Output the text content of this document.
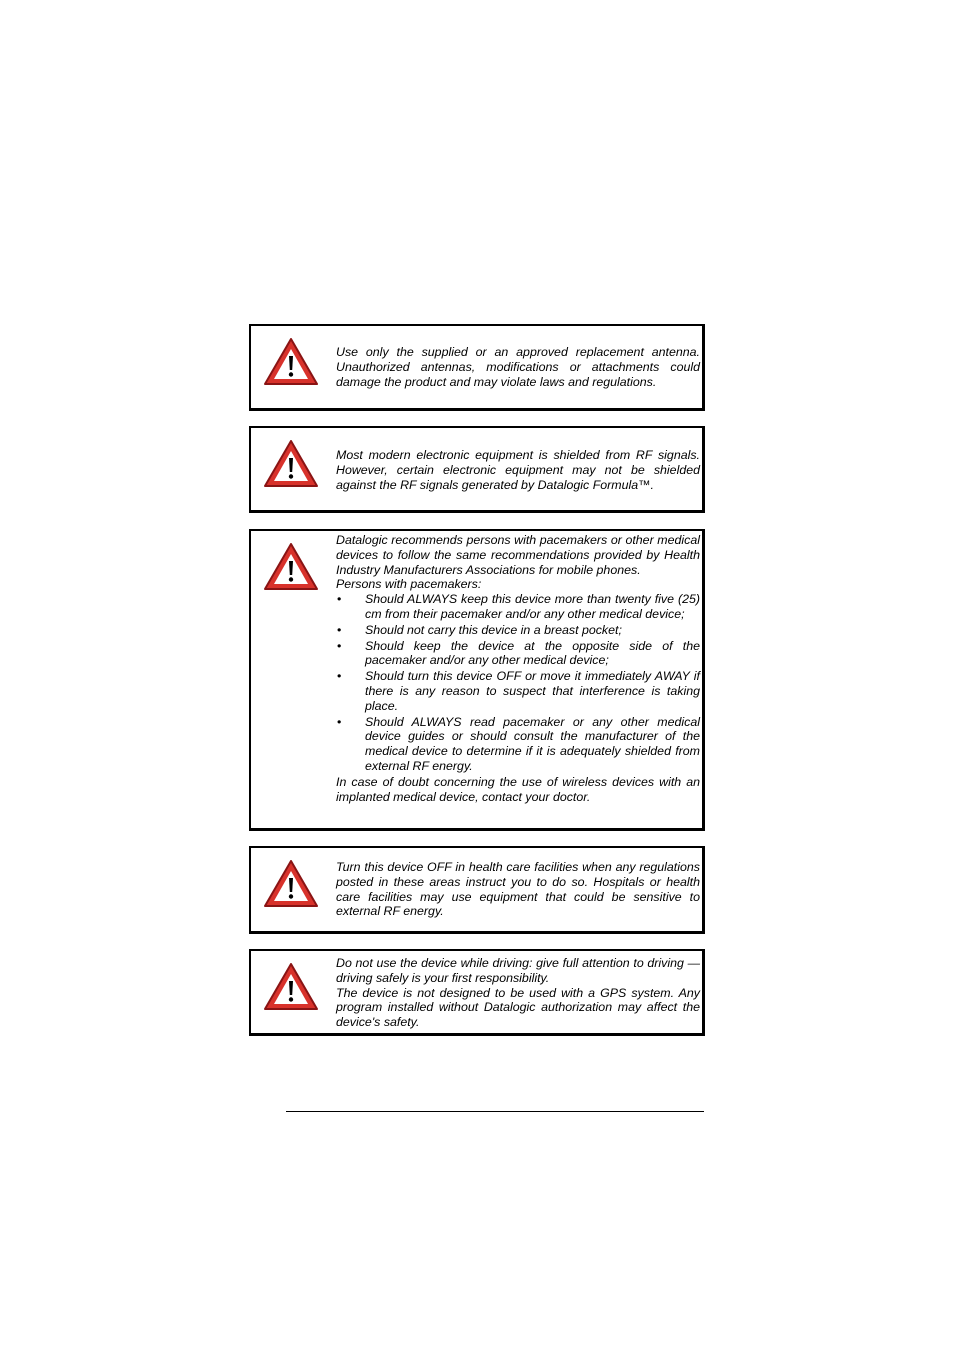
Use only the supplied or an approved replacement antenna. Unauthorized antennas, modifications or attachments could damage the product and may violate laws and regulations.

Most modern electronic equipment is shielded from RF signals. However, certain electronic equipment may not be shielded against the RF signals generated by Datalogic Formula™.

Datalogic recommends persons with pacemakers or other medical devices to follow the same recommendations provided by Health Industry Manufacturers Associations for mobile phones.

Persons with pacemakers:

• Should ALWAYS keep this device more than twenty five (25) cm from their pacemaker and/or any other medical device;
• Should not carry this device in a breast pocket;
• Should keep the device at the opposite side of the pacemaker and/or any other medical device;
• Should turn this device OFF or move it immediately AWAY if there is any reason to suspect that interference is taking place.
• Should ALWAYS read pacemaker or any other medical device guides or should consult the manufacturer of the medical device to determine if it is adequately shielded from external RF energy.

In case of doubt concerning the use of wireless devices with an implanted medical device, contact your doctor.

Turn this device OFF in health care facilities when any regulations posted in these areas instruct you to do so. Hospitals or health care facilities may use equipment that could be sensitive to external RF energy.

Do not use the device while driving: give full attention to driving — driving safely is your first responsibility.

The device is not designed to be used with a GPS system. Any program installed without Datalogic authorization may affect the device's safety.
